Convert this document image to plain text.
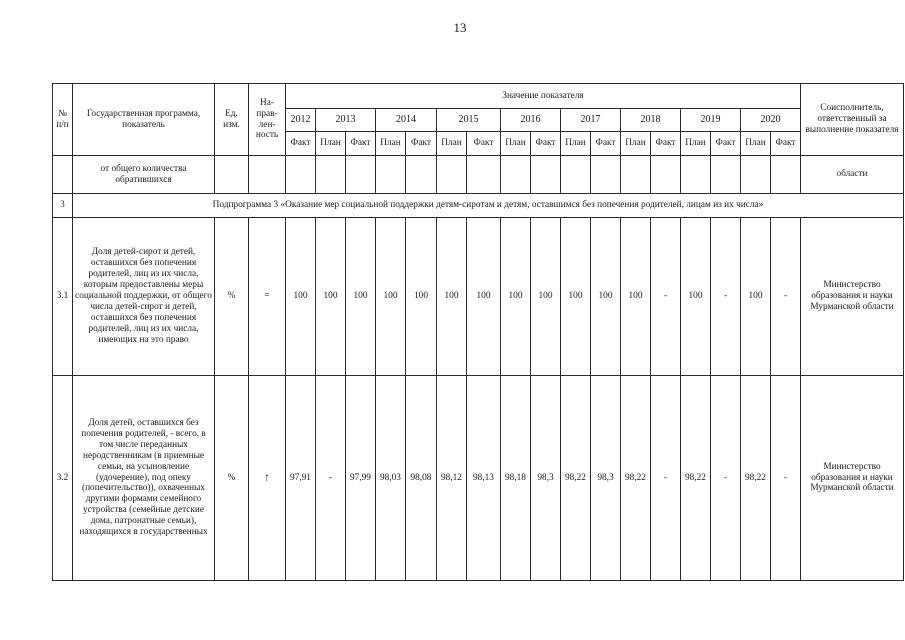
13
№ п/п	Государственная программа, показатель	Ед. изм.	На-прав-лен-ность	Значение показателя																	Соисполнитель, ответственный за выполнение показателя
				2012	2013		2014		2015		2016		2017		2018		2019		2020		
				Факт	План	Факт	План	Факт	План	Факт	План	Факт	План	Факт	План	Факт	План	Факт	План	Факт	
	от общего количества обратившихся																				области
3	Подпрограмма 3 «Оказание мер социальной поддержки детям-сиротам и детям, оставшимся без попечения родителей, лицам из их числа»																				
3.1	Доля детей-сирот и детей, оставшихся без попечения родителей, лиц из их числа, которым предоставлены меры социальной поддержки, от общего числа детей-сирот и детей, оставшихся без попечения родителей, лиц из их числа, имеющих на это право	%	=	100	100	100	100	100	100	100	100	100	100	100	100	-	100	-	100	-	Министерство образования и науки Мурманской области
3.2	Доля детей, оставшихся без попечения родителей, - всего, в том числе переданных неродственникам (в приемные семьи, на усыновление (удочерение), под опеку (попечительство)), охваченных другими формами семейного устройства (семейные детские дома, патронатные семьи), находящихся в государственных	%	↑	97,91	-	97,99	98,03	98,08	98,12	98,13	98,18	98,3	98,22	98,3	98,22	-	98,22	-	98,22	-	Министерство образования и науки Мурманской области
